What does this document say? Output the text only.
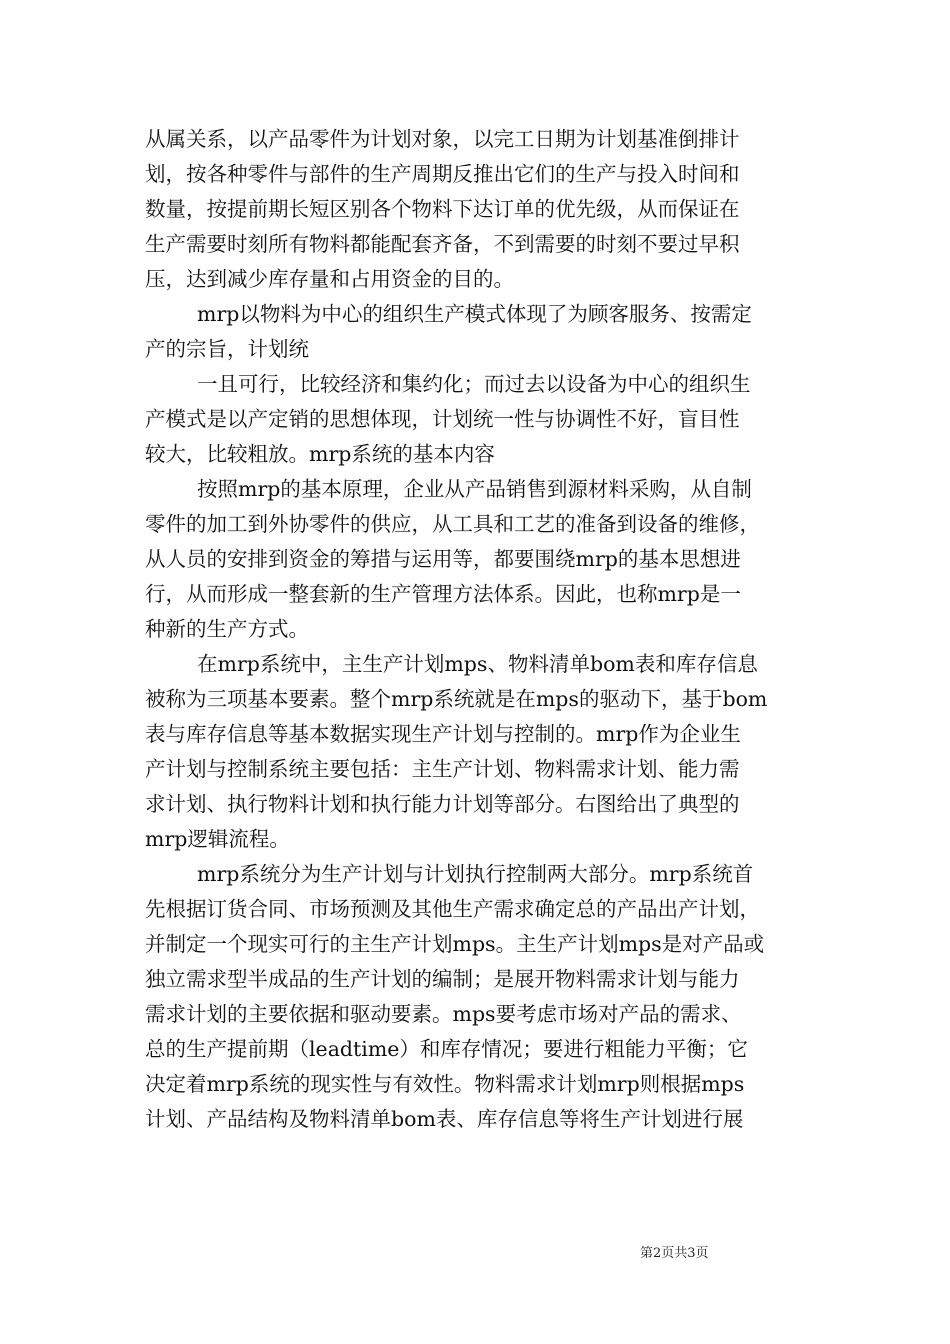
从属关系，以产品零件为计划对象，以完工日期为计划基准倒排计
划，按各种零件与部件的生产周期反推出它们的生产与投入时间和
数量，按提前期长短区别各个物料下达订单的优先级，从而保证在
生产需要时刻所有物料都能配套齐备，不到需要的时刻不要过早积
压，达到减少库存量和占用资金的目的。
mrp以物料为中心的组织生产模式体现了为顾客服务、按需定
产的宗旨，计划统
一且可行，比较经济和集约化；而过去以设备为中心的组织生
产模式是以产定销的思想体现，计划统一性与协调性不好，盲目性
较大，比较粗放。mrp系统的基本内容
按照mrp的基本原理，企业从产品销售到源材料采购，从自制
零件的加工到外协零件的供应，从工具和工艺的准备到设备的维修，
从人员的安排到资金的筹措与运用等，都要围绕mrp的基本思想进
行，从而形成一整套新的生产管理方法体系。因此，也称mrp是一
种新的生产方式。
在mrp系统中，主生产计划mps、物料清单bom表和库存信息
被称为三项基本要素。整个mrp系统就是在mps的驱动下，基于bom
表与库存信息等基本数据实现生产计划与控制的。mrp作为企业生
产计划与控制系统主要包括：主生产计划、物料需求计划、能力需
求计划、执行物料计划和执行能力计划等部分。右图给出了典型的
mrp逻辑流程。
mrp系统分为生产计划与计划执行控制两大部分。mrp系统首
先根据订货合同、市场预测及其他生产需求确定总的产品出产计划，
并制定一个现实可行的主生产计划mps。主生产计划mps是对产品或
独立需求型半成品的生产计划的编制；是展开物料需求计划与能力
需求计划的主要依据和驱动要素。mps要考虑市场对产品的需求、
总的生产提前期（leadtime）和库存情况；要进行粗能力平衡；它
决定着mrp系统的现实性与有效性。物料需求计划mrp则根据mps
计划、产品结构及物料清单bom表、库存信息等将生产计划进行展
第2页共3页
